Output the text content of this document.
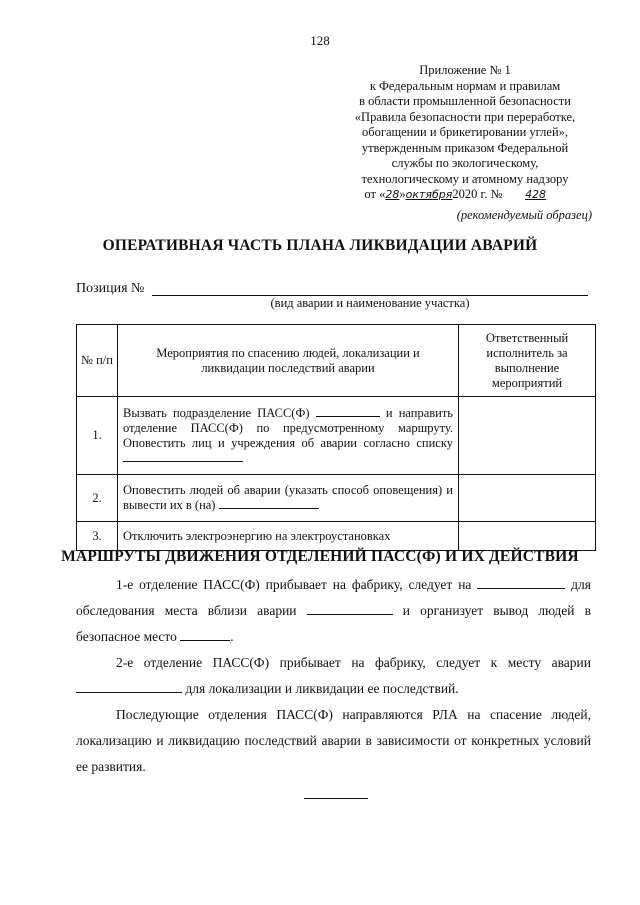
128
Приложение № 1
к Федеральным нормам и правилам
в области промышленной безопасности
«Правила безопасности при переработке,
обогащении и брикетировании углей»,
утвержденным приказом Федеральной
службы по экологическому,
технологическому и атомному надзору
от «28»октября2020 г. № 428
(рекомендуемый образец)
ОПЕРАТИВНАЯ ЧАСТЬ ПЛАНА ЛИКВИДАЦИИ АВАРИЙ
Позиция №
(вид аварии и наименование участка)
№ п/п	Мероприятия по спасению людей, локализации и ликвидации последствий аварии	Ответственный исполнитель за выполнение мероприятий
1.	Вызвать подразделение ПАСС(Ф) и направить отделение ПАСС(Ф) по предусмотренному маршруту. Оповестить лиц и учреждения об аварии согласно списку	
2.	Оповестить людей об аварии (указать способ оповещения) и вывести их в (на)	
3.	Отключить электроэнергию на электроустановках	
МАРШРУТЫ ДВИЖЕНИЯ ОТДЕЛЕНИЙ ПАСС(Ф) И ИХ ДЕЙСТВИЯ
1-е отделение ПАСС(Ф) прибывает на фабрику, следует на	для обследования места вблизи аварии	и организует вывод людей в безопасное место	.
2-е отделение ПАСС(Ф) прибывает на фабрику, следует к месту аварии  для локализации и ликвидации ее последствий.
Последующие отделения ПАСС(Ф) направляются РЛА на спасение людей, локализацию и ликвидацию последствий аварии в зависимости от конкретных условий ее развития.
